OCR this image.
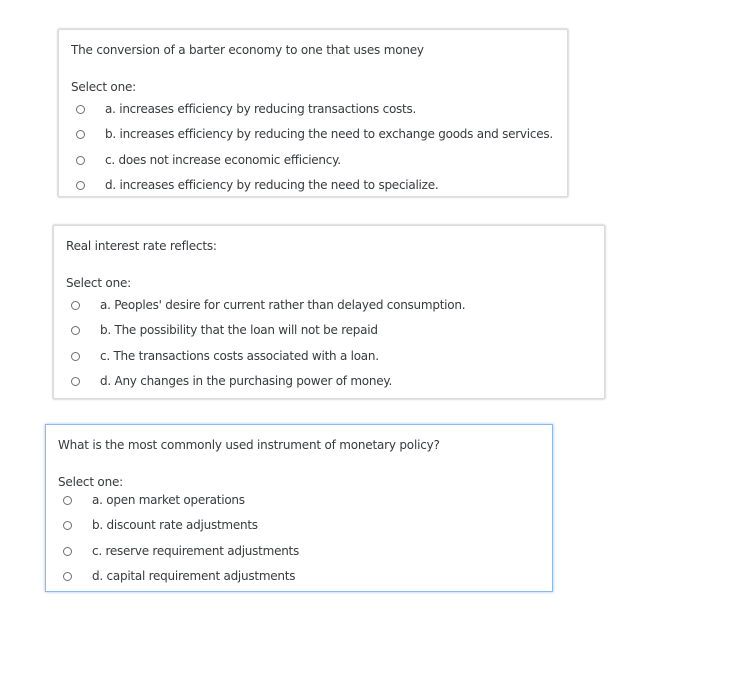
The conversion of a barter economy to one that uses money
Select one:
a. increases efficiency by reducing transactions costs.
b. increases efficiency by reducing the need to exchange goods and services.
c. does not increase economic efficiency.
d. increases efficiency by reducing the need to specialize.
Real interest rate reflects:
Select one:
a. Peoples' desire for current rather than delayed consumption.
b. The possibility that the loan will not be repaid
c. The transactions costs associated with a loan.
d. Any changes in the purchasing power of money.
What is the most commonly used instrument of monetary policy?
Select one:
a. open market operations
b. discount rate adjustments
c. reserve requirement adjustments
d. capital requirement adjustments
